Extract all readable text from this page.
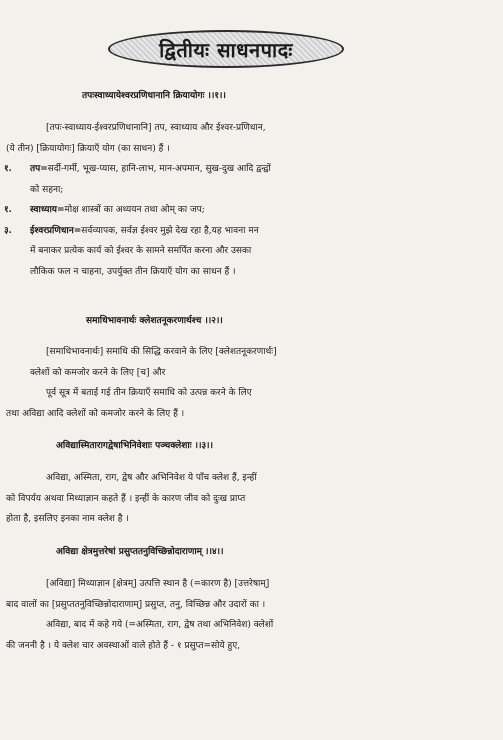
द्वितीयः साधनपादः
तपःस्वाध्यायेश्वरप्रणिधानानि क्रियायोगः ।।१।।
[तपः-स्वाध्याय-ईश्वरप्रणिधानानि] तप, स्वाध्याय और ईश्वर-प्रणिधान,
(ये तीन) [क्रियायोगः] क्रियाएँ योग (का साधन) हैं ।
१. तप=सर्दी-गर्मी, भूख-प्यास, हानि-लाभ, मान-अपमान, सुख-दुख आदि द्वन्द्वों
को सहना;
१. स्वाध्याय=मोक्ष शास्त्रों का अध्ययन तथा ओम् का जप;
३. ईश्वरप्रणिधान=सर्वव्यापक, सर्वज्ञ ईश्वर मुझे देख रहा है,यह भावना मन
में बनाकर प्रत्येक कार्य को ईश्वर के सामने समर्पित करना और उसका
लौकिक फल न चाहना, उपर्युक्त तीन क्रियाएँ योग का साधन हैं ।
समाधिभावनार्थः क्लेशतनूकरणार्थश्च ।।२।।
[समाधिभावनार्थः] समाधि की सिद्धि करवाने के लिए [क्लेशतनूकरणार्थः]
क्लेशों को कमजोर करने के लिए [च] और
पूर्व सूत्र में बताई गई तीन क्रियाएँ समाधि को उत्पन्न करने के लिए
तथा अविद्या आदि क्लेशों को कमजोर करने के लिए हैं ।
अविद्यास्मितारागद्वेषाभिनिवेशाः पञ्चक्लेशाः ।।३।।
अविद्या, अस्मिता, राग, द्वेष और अभिनिवेश ये पाँच क्लेश हैं, इन्हीं
को विपर्यय अथवा मिथ्याज्ञान कहते हैं । इन्हीं के कारण जीव को दुःख प्राप्त
होता है, इसलिए इनका नाम क्लेश है ।
अविद्या क्षेत्रमुत्तरेषां प्रसुप्ततनुविच्छिन्नोदाराणाम् ।।४।।
[अविद्या] मिथ्याज्ञान [क्षेत्रम्] उत्पत्ति स्थान है (=कारण है) [उत्तरेषाम्]
बाद वालों का [प्रसुप्ततनुविच्छिन्नोदाराणाम्] प्रसुप्त, तनु, विच्छिन्न और उदारों का ।
अविद्या, बाद में कहे गये (=अस्मिता, राग, द्वेष तथा अभिनिवेश) क्लेशों
की जननी है । ये क्लेश चार अवस्थाओं वाले होते हैं - १ प्रसुप्त=सोये हुए,
